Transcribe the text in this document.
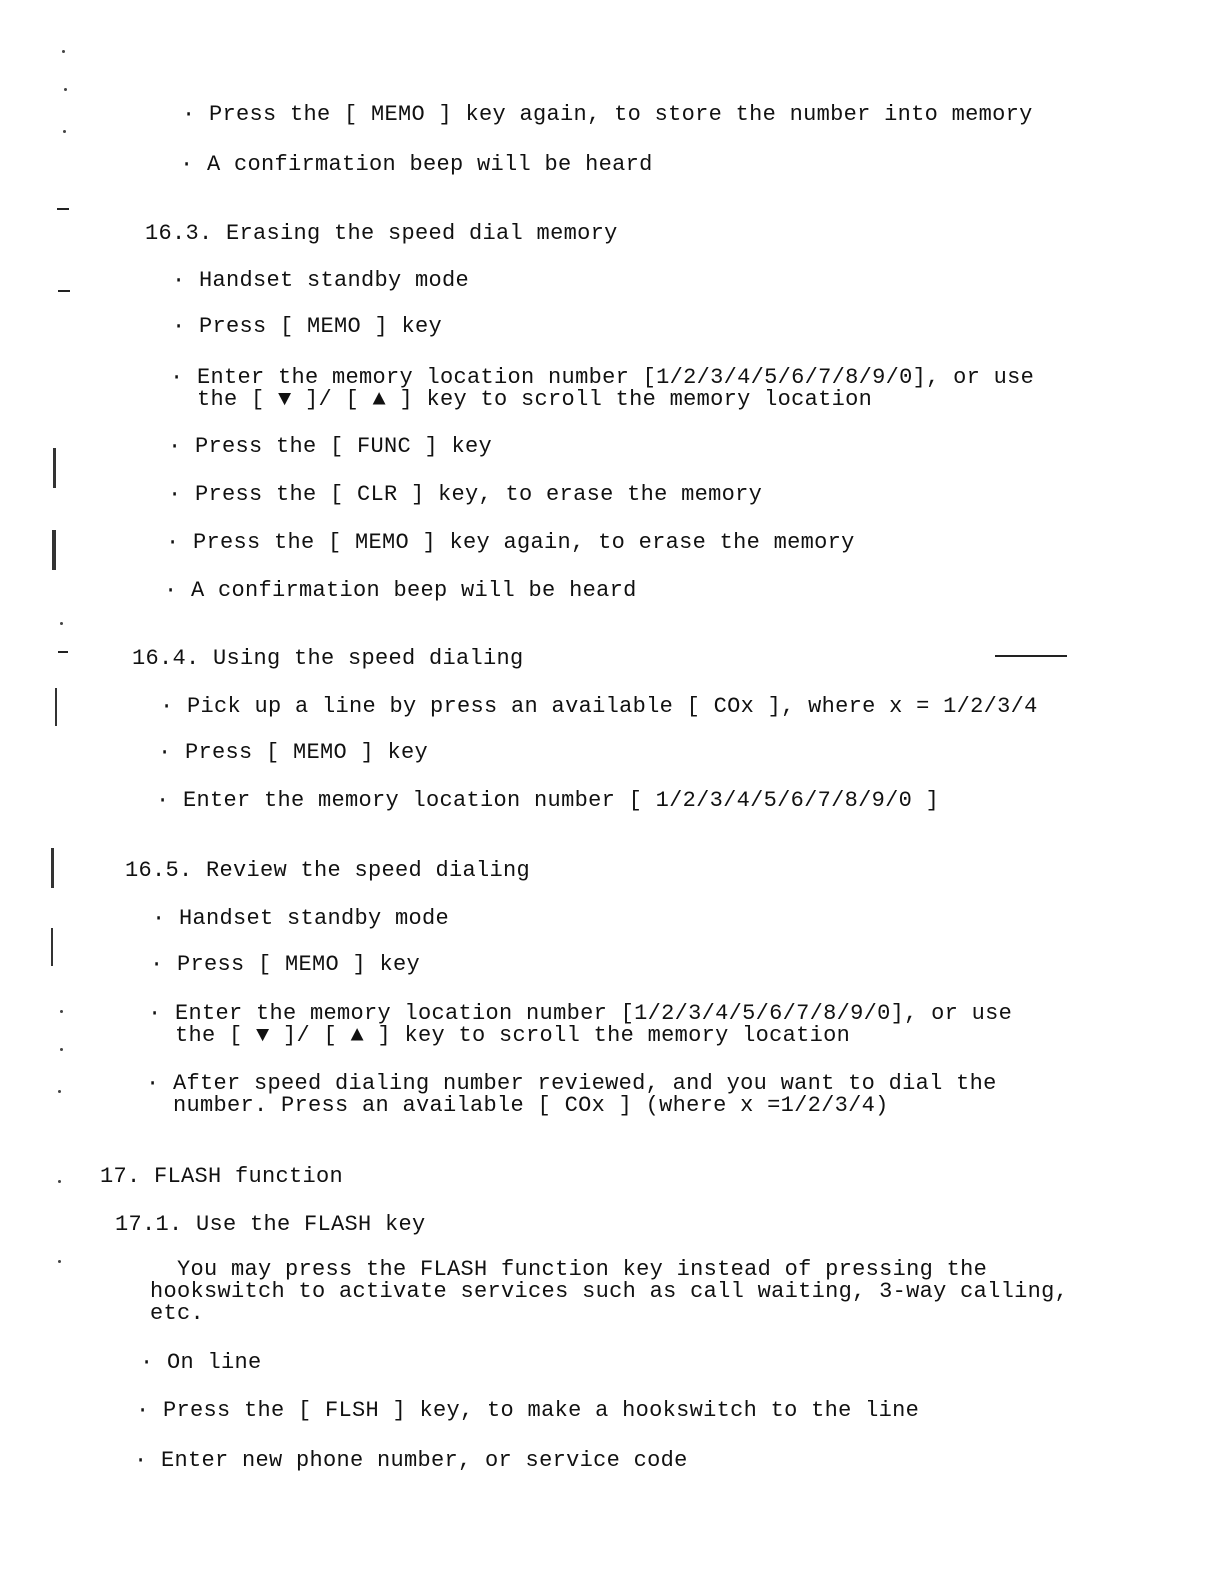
· Press the [ MEMO ] key again, to store the number into memory
· A confirmation beep will be heard
16.3. Erasing the speed dial memory
· Handset standby mode
· Press [ MEMO ] key
· Enter the memory location number [1/2/3/4/5/6/7/8/9/0], or use
the [ ▼ ]/ [ ▲ ] key to scroll the memory location
· Press the [ FUNC ] key
· Press the [ CLR ] key, to erase the memory
· Press the [ MEMO ] key again, to erase the memory
· A confirmation beep will be heard
16.4. Using the speed dialing
· Pick up a line by press an available [ COx ], where x = 1/2/3/4
· Press [ MEMO ] key
· Enter the memory location number [ 1/2/3/4/5/6/7/8/9/0 ]
16.5. Review the speed dialing
· Handset standby mode
· Press [ MEMO ] key
· Enter the memory location number [1/2/3/4/5/6/7/8/9/0], or use
the [ ▼ ]/ [ ▲ ] key to scroll the memory location
· After speed dialing number reviewed, and you want to dial the
number. Press an available [ COx ] (where x =1/2/3/4)
17. FLASH function
17.1. Use the FLASH key
You may press the FLASH function key instead of pressing the
hookswitch to activate services such as call waiting, 3-way calling,
etc.
· On line
· Press the [ FLSH ] key, to make a hookswitch to the line
· Enter new phone number, or service code
